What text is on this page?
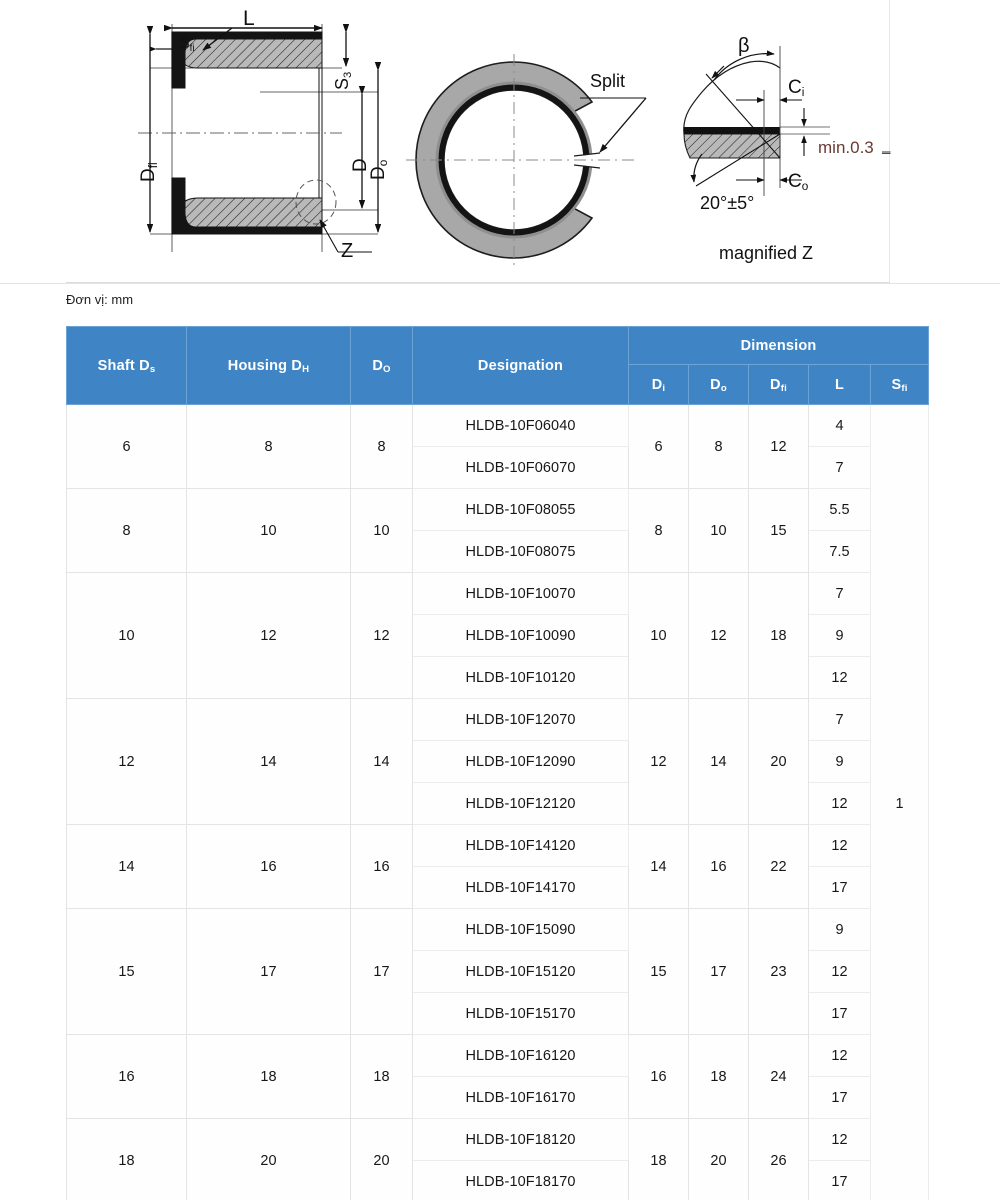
L
$S_{fi}$
$S_3$
$D_{fl}$	D
$D_o$
Z
Split
β
$C_i$
$C_o$
min.0.3 ‗
20°±5°
magnified Z
Đơn vị: mm
Shaft $D_s$	Housing $D_H$	$D_O$	Designation	Dimension				
				$D_i$	$D_o$	$D_{fi}$	L	$S_{fi}$
6	8	8	HLDB-10F06040	6	8	12	4	1
			HLDB-10F06070				7	
8	10	10	HLDB-10F08055	8	10	15	5.5	
			HLDB-10F08075				7.5	
10	12	12	HLDB-10F10070	10	12	18	7	
			HLDB-10F10090				9	
			HLDB-10F10120				12	
12	14	14	HLDB-10F12070	12	14	20	7	
			HLDB-10F12090				9	
			HLDB-10F12120				12	
14	16	16	HLDB-10F14120	14	16	22	12	
			HLDB-10F14170				17	
15	17	17	HLDB-10F15090	15	17	23	9	
			HLDB-10F15120				12	
			HLDB-10F15170				17	
16	18	18	HLDB-10F16120	16	18	24	12	
			HLDB-10F16170				17	
18	20	20	HLDB-10F18120	18	20	26	12	
			HLDB-10F18170				17	
